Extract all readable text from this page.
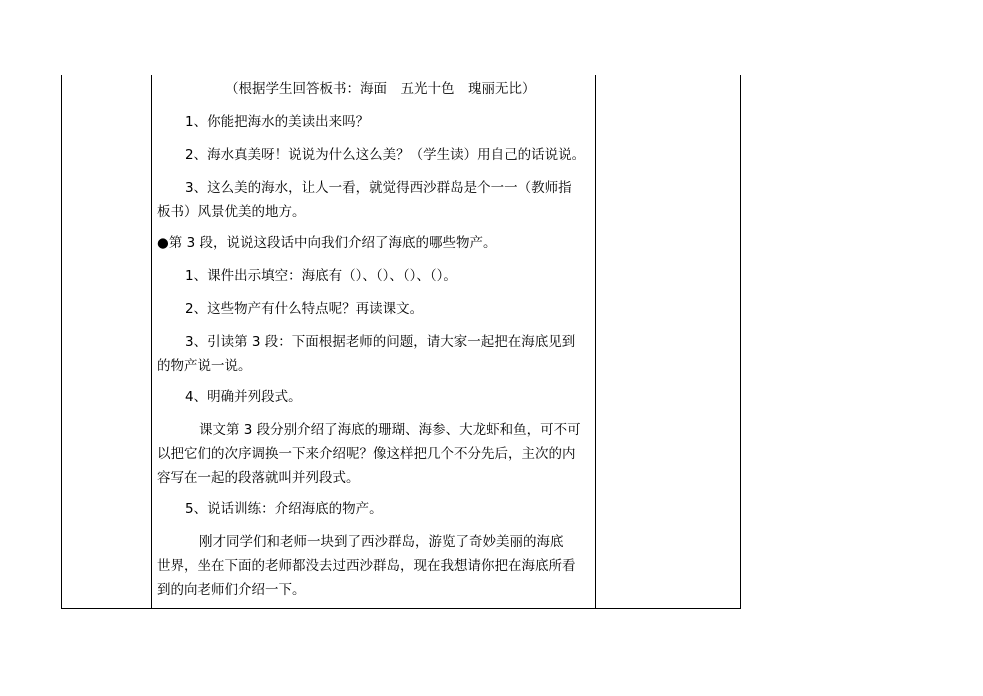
（根据学生回答板书：海面　五光十色　瑰丽无比）
1、你能把海水的美读出来吗？
2、海水真美呀！说说为什么这么美？（学生读）用自己的话说说。
3、这么美的海水，让人一看，就觉得西沙群岛是个一一（教师指
板书）风景优美的地方。
●第 3 段，说说这段话中向我们介绍了海底的哪些物产。
1、课件出示填空：海底有（）、（）、（）、（）。
2、这些物产有什么特点呢？再读课文。
3、引读第 3 段：下面根据老师的问题，请大家一起把在海底见到
的物产说一说。
4、明确并列段式。
课文第 3 段分别介绍了海底的珊瑚、海参、大龙虾和鱼，可不可
以把它们的次序调换一下来介绍呢？像这样把几个不分先后，主次的内
容写在一起的段落就叫并列段式。
5、说话训练：介绍海底的物产。
刚才同学们和老师一块到了西沙群岛，游览了奇妙美丽的海底
世界，坐在下面的老师都没去过西沙群岛，现在我想请你把在海底所看
到的向老师们介绍一下。
